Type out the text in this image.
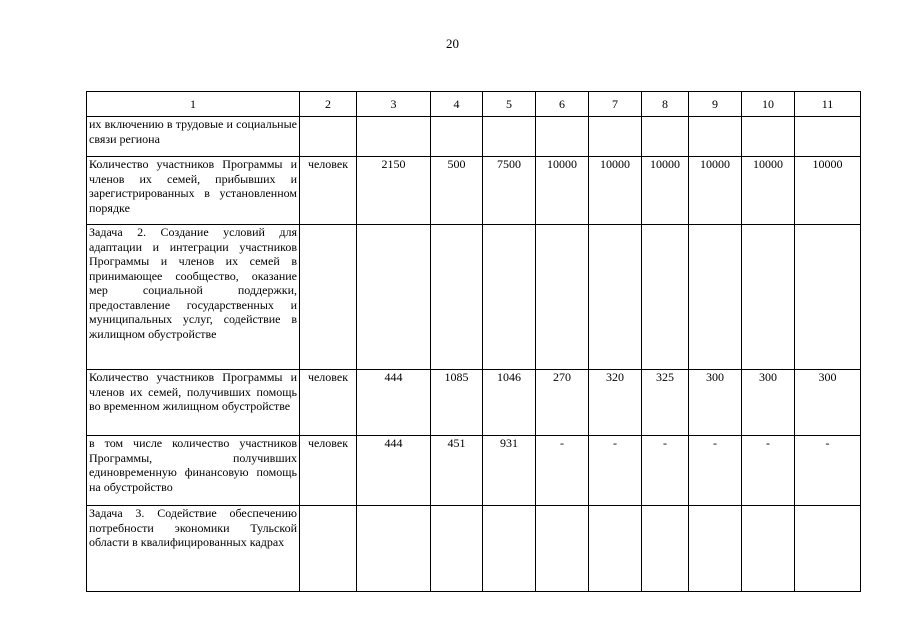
20
1	2	3	4	5	6	7	8	9	10	11
их включению в трудовые и социальные связи региона										
Количество участников Программы и членов их семей, прибывших и зарегистрированных в установленном порядке	человек	2150	500	7500	10000	10000	10000	10000	10000	10000
Задача 2. Создание условий для адаптации и интеграции участников Программы и членов их семей в принимающее сообщество, оказание мер социальной поддержки, предоставление государственных и муниципальных услуг, содействие в жилищном обустройстве										
Количество участников Программы и членов их семей, получивших помощь во временном жилищном обустройстве	человек	444	1085	1046	270	320	325	300	300	300
в том числе количество участников Программы, получивших единовременную финансовую помощь на обустройство	человек	444	451	931	-	-	-	-	-	-
Задача 3. Содействие обеспечению потребности экономики Тульской области в квалифицированных кадрах										
